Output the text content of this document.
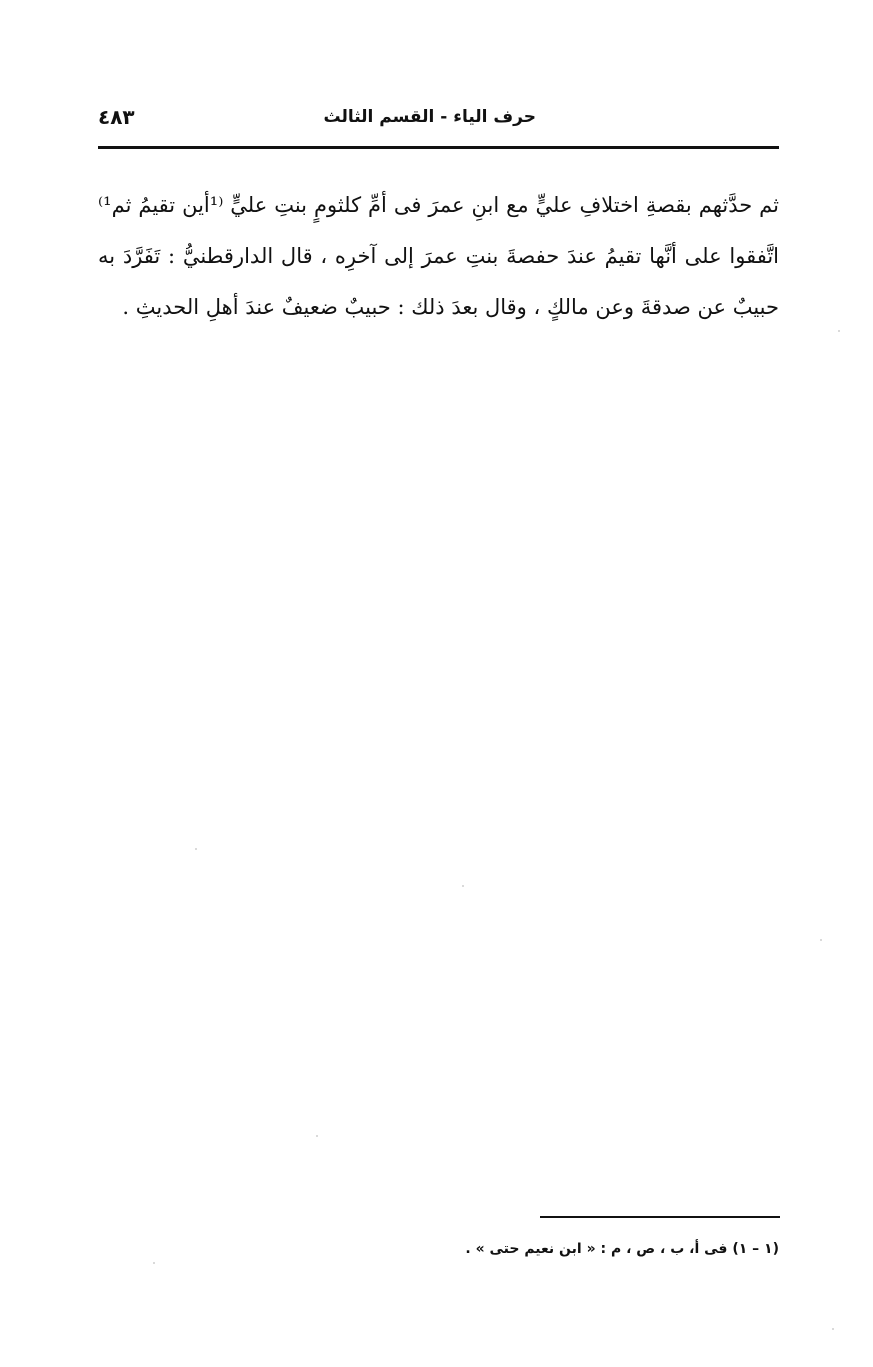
٤٨٣	حرف الياء - القسم الثالث

ثم حدَّثهم بقصةِ اختلافِ عليٍّ مع ابنِ عمرَ فى أمِّ كلثومٍ بنتِ عليٍّ ⁽¹أين تقيمُ ثم¹⁾ اتَّفقوا على أنَّها تقيمُ عندَ حفصةَ بنتِ عمرَ إلى آخرِه ، قال الدارقطنيُّ : تَفَرَّدَ به حبيبٌ عن صدقةَ وعن مالكٍ ، وقال بعدَ ذلك : حبيبٌ ضعيفٌ عندَ أهلِ الحديثِ .

(١ – ١) فى أ، ب ، ص ، م : « ابن نعيم حتى » .
